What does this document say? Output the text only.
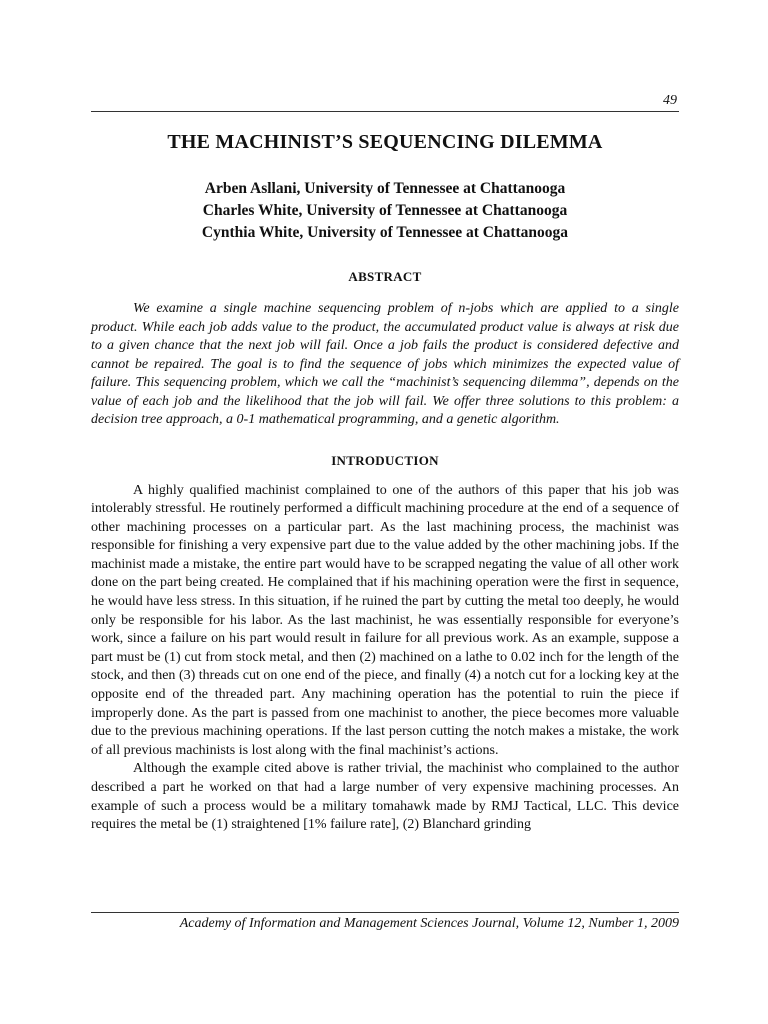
49
THE MACHINIST’S SEQUENCING DILEMMA
Arben Asllani, University of Tennessee at Chattanooga
Charles White, University of Tennessee at Chattanooga
Cynthia White, University of Tennessee at Chattanooga
ABSTRACT

We examine a single machine sequencing problem of n-jobs which are applied to a single product. While each job adds value to the product, the accumulated product value is always at risk due to a given chance that the next job will fail. Once a job fails the product is considered defective and cannot be repaired. The goal is to find the sequence of jobs which minimizes the expected value of failure. This sequencing problem, which we call the “machinist’s sequencing dilemma”, depends on the value of each job and the likelihood that the job will fail. We offer three solutions to this problem: a decision tree approach, a 0-1 mathematical programming, and a genetic algorithm.

INTRODUCTION

A highly qualified machinist complained to one of the authors of this paper that his job was intolerably stressful. He routinely performed a difficult machining procedure at the end of a sequence of other machining processes on a particular part. As the last machining process, the machinist was responsible for finishing a very expensive part due to the value added by the other machining jobs. If the machinist made a mistake, the entire part would have to be scrapped negating the value of all other work done on the part being created. He complained that if his machining operation were the first in sequence, he would have less stress. In this situation, if he ruined the part by cutting the metal too deeply, he would only be responsible for his labor. As the last machinist, he was essentially responsible for everyone’s work, since a failure on his part would result in failure for all previous work. As an example, suppose a part must be (1) cut from stock metal, and then (2) machined on a lathe to 0.02 inch for the length of the stock, and then (3) threads cut on one end of the piece, and finally (4) a notch cut for a locking key at the opposite end of the threaded part. Any machining operation has the potential to ruin the piece if improperly done. As the part is passed from one machinist to another, the piece becomes more valuable due to the previous machining operations. If the last person cutting the notch makes a mistake, the work of all previous machinists is lost along with the final machinist’s actions.

Although the example cited above is rather trivial, the machinist who complained to the author described a part he worked on that had a large number of very expensive machining processes. An example of such a process would be a military tomahawk made by RMJ Tactical, LLC. This device requires the metal be (1) straightened [1% failure rate], (2) Blanchard grinding

Academy of Information and Management Sciences Journal, Volume 12, Number 1, 2009
